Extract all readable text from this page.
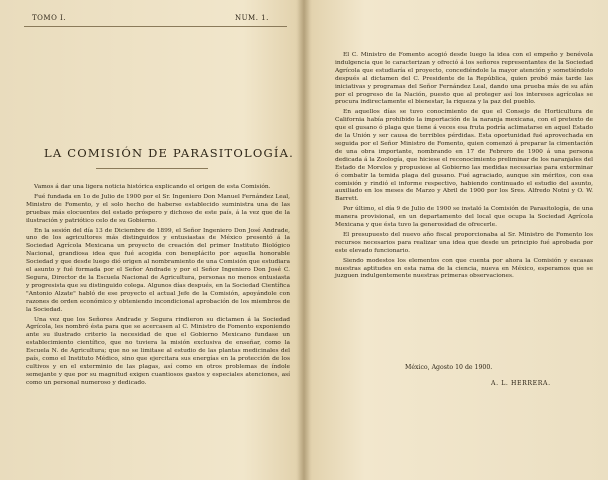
TOMO I.	NUM. 1.
LA COMISIÓN DE PARASITOLOGÍA.

Vamos á dar una ligera noticia histórica explicando el origen de esta Comisión.

Fué fundada en 1o de Julio de 1900 por el Sr. Ingeniero Don Manuel Fernández Leal, Ministro de Fomento, y el solo hecho de haberse establecido suministra una de las pruebas más elocuentes del estado próspero y dichoso de este país, á la vez que de la ilustración y patriótico celo de su Gobierno.

En la sesión del día 13 de Diciembre de 1899, el Señor Ingeniero Don José Andrade, uno de los agricultores más distinguidos y entusiastas de México presentó á la Sociedad Agrícola Mexicana un proyecto de creación del primer Instituto Biológico Nacional, grandiosa idea que fué acogida con beneplácito por aquella honorable Sociedad y que desde luego dió origen al nombramiento de una Comisión que estudiara el asunto y fué formada por el Señor Andrade y por el Señor Ingeniero Don José C. Segura, Director de la Escuela Nacional de Agricultura, personas no menos entusiasta y progresista que su distinguido colega. Algunos días después, en la Sociedad Científica "Antonio Alzate" habló de ese proyecto el actual Jefe de la Comisión, apoyándole con razones de orden económico y obteniendo incondicional aprobación de los miembros de la Sociedad.

Una vez que los Señores Andrade y Segura rindieron su dictamen á la Sociedad Agrícola, les nombró ésta para que se acercasen al C. Ministro de Fomento exponiendo ante su ilustrado criterio la necesidad de que el Gobierno Mexicano fundase un establecimiento científico, que no tuviera la misión exclusiva de enseñar, como la Escuela N. de Agricultura; que no se limitase al estudio de las plantas medicinales del país, como el Instituto Médico, sino que ejercitara sus energías en la protección de los cultivos y en el exterminio de las plagas, así como en otros problemas de índole semejante y que por su magnitud exigen cuantiosos gastos y especiales atenciones, así como un personal numeroso y dedicado.

El C. Ministro de Fomento acogió desde luego la idea con el empeño y benévola indulgencia que le caracterizan y ofreció á los señores representantes de la Sociedad Agrícola que estudiaría el proyecto, concediéndole la mayor atención y sometiéndolo después al dictamen del C. Presidente de la República, quien probó más tarde las iniciativas y programas del Señor Fernández Leal, dando una prueba más de su afán por el progreso de la Nación, puesto que al proteger así los intereses agrícolas se procura indirectamente el bienestar, la riqueza y la paz del pueblo.

En aquellos días se tuvo conocimiento de que el Consejo de Horticultura de California había prohibido la importación de la naranja mexicana, con el pretexto de que el gusano ó plaga que tiene á veces esa fruta podría aclimatarse en aquel Estado de la Unión y ser causa de terribles pérdidas. Esta oportunidad fué aprovechada en seguida por el Señor Ministro de Fomento, quien comenzó á preparar la cimentación de una obra importante, nombrando en 17 de Febrero de 1900 á una persona dedicada á la Zoología, que hiciese el reconocimiento preliminar de los naranjales del Estado de Morelos y propusiese al Gobierno las medidas necesarias para exterminar ó combatir la temida plaga del gusano. Fué agraciado, aunque sin méritos, con esa comisión y rindió el informe respectivo, habiendo continuado el estudio del asunto, auxiliado en los meses de Marzo y Abril de 1900 por los Sres. Alfredo Notni y O. W. Barrett.

Por último, el día 9 de Julio de 1900 se instaló la Comisión de Parasitología, de una manera provisional, en un departamento del local que ocupa la Sociedad Agrícola Mexicana y que ésta tuvo la generosidad de ofrecerle.

El presupuesto del nuevo año fiscal proporcionaba al Sr. Ministro de Fomento los recursos necesarios para realizar una idea que desde un principio fué aprobada por este elevado funcionario.

Siendo modestos los elementos con que cuenta por ahora la Comisión y escasas nuestras aptitudes en esta rama de la ciencia, nueva en México, esperamos que se juzguen indulgentemente nuestras primeras observaciones.

México, Agosto 10 de 1900.
A. L. HERRERA.
